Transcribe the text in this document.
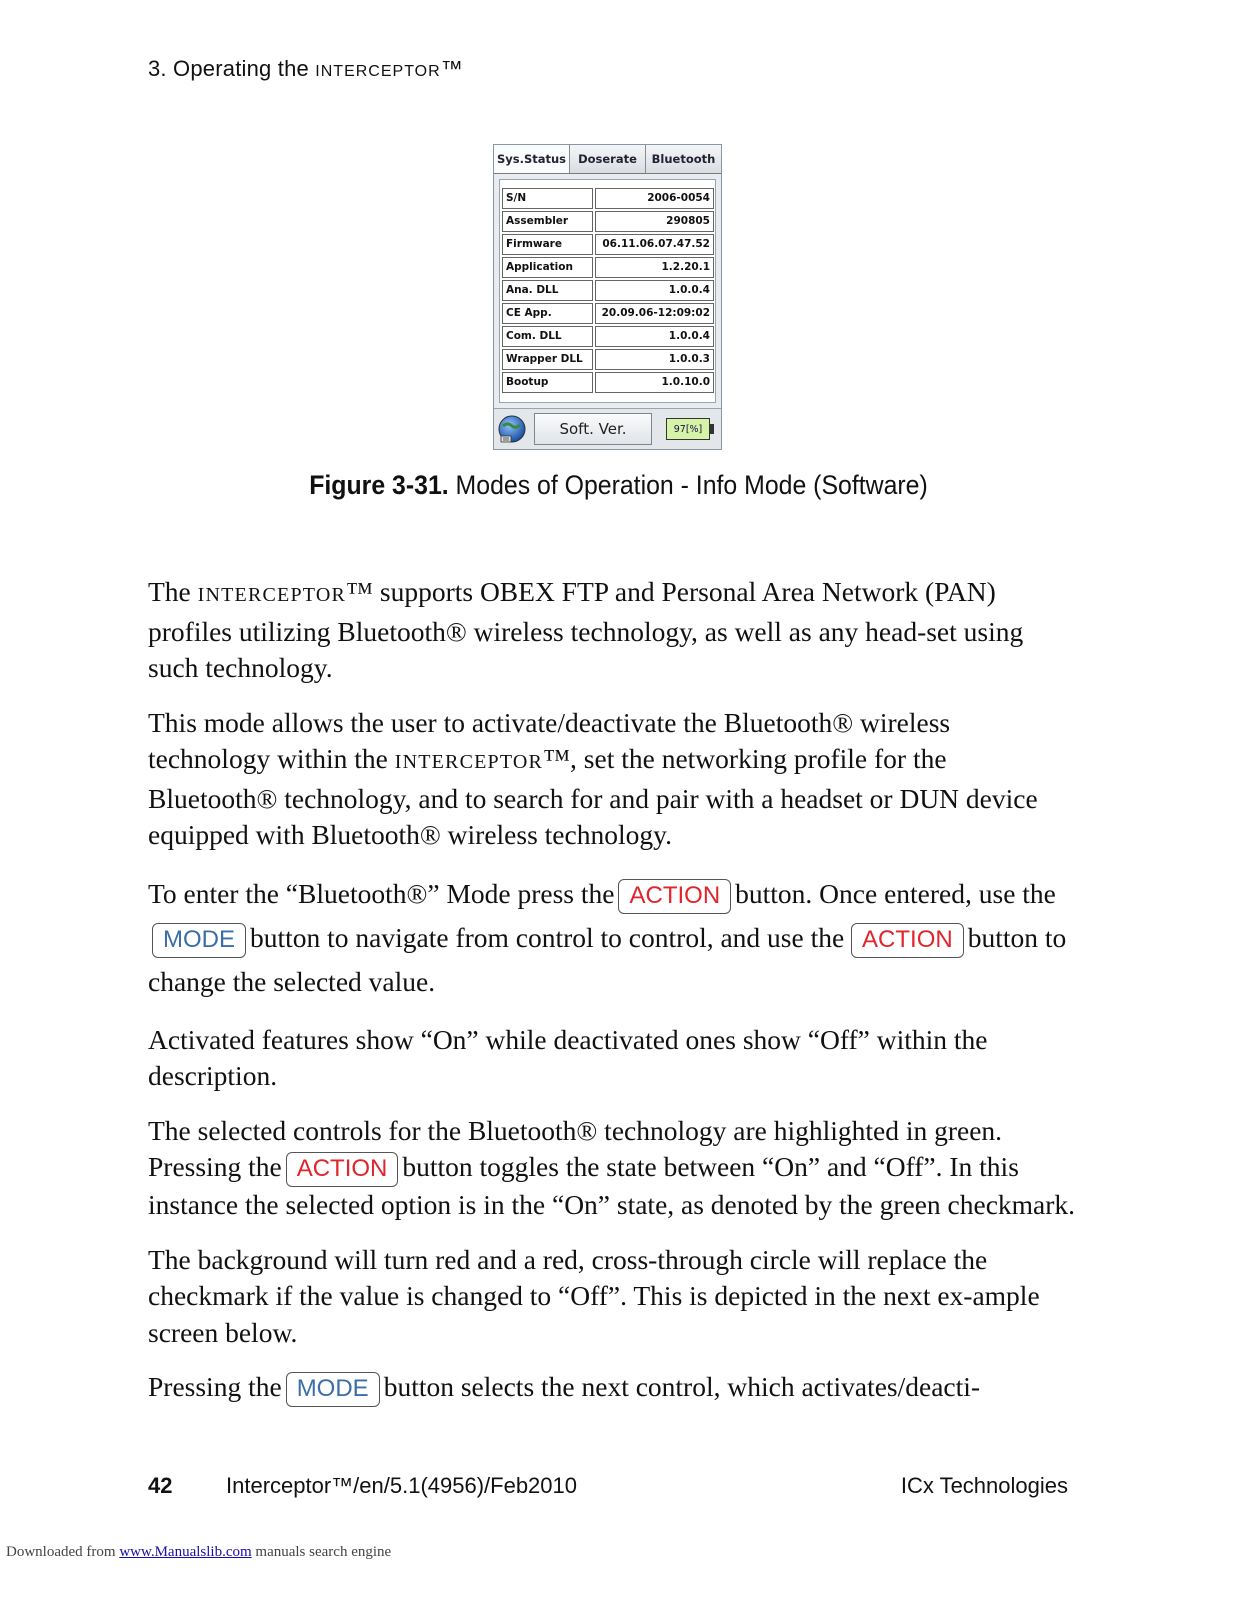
3. Operating the INTERCEPTOR™
Sys.Status	Doserate	Bluetooth
S/N	2006-0054
Assembler	290805
Firmware	06.11.06.07.47.52
Application	1.2.20.1
Ana. DLL	1.0.0.4
CE App.	20.09.06-12:09:02
Com. DLL	1.0.0.4
Wrapper DLL	1.0.0.3
Bootup	1.0.10.0
Soft. Ver.	97[%]
Figure 3-31. Modes of Operation - Info Mode (Software)

The INTERCEPTOR™ supports OBEX FTP and Personal Area Network (PAN) profiles utilizing Bluetooth® wireless technology, as well as any head-set using such technology.

This mode allows the user to activate/deactivate the Bluetooth® wireless technology within the INTERCEPTOR™, set the networking profile for the Bluetooth® technology, and to search for and pair with a headset or DUN device equipped with Bluetooth® wireless technology.

To enter the “Bluetooth®” Mode press the ACTION button. Once entered, use the MODE button to navigate from control to control, and use the ACTION button to change the selected value.

Activated features show “On” while deactivated ones show “Off” within the description.

The selected controls for the Bluetooth® technology are highlighted in green. Pressing the ACTION button toggles the state between “On” and “Off”. In this instance the selected option is in the “On” state, as denoted by the green checkmark.

The background will turn red and a red, cross-through circle will replace the checkmark if the value is changed to “Off”. This is depicted in the next ex-ample screen below.

Pressing the MODE button selects the next control, which activates/deacti-

42 Interceptor™/en/5.1(4956)/Feb2010	ICx Technologies
Downloaded from www.Manualslib.com manuals search engine
